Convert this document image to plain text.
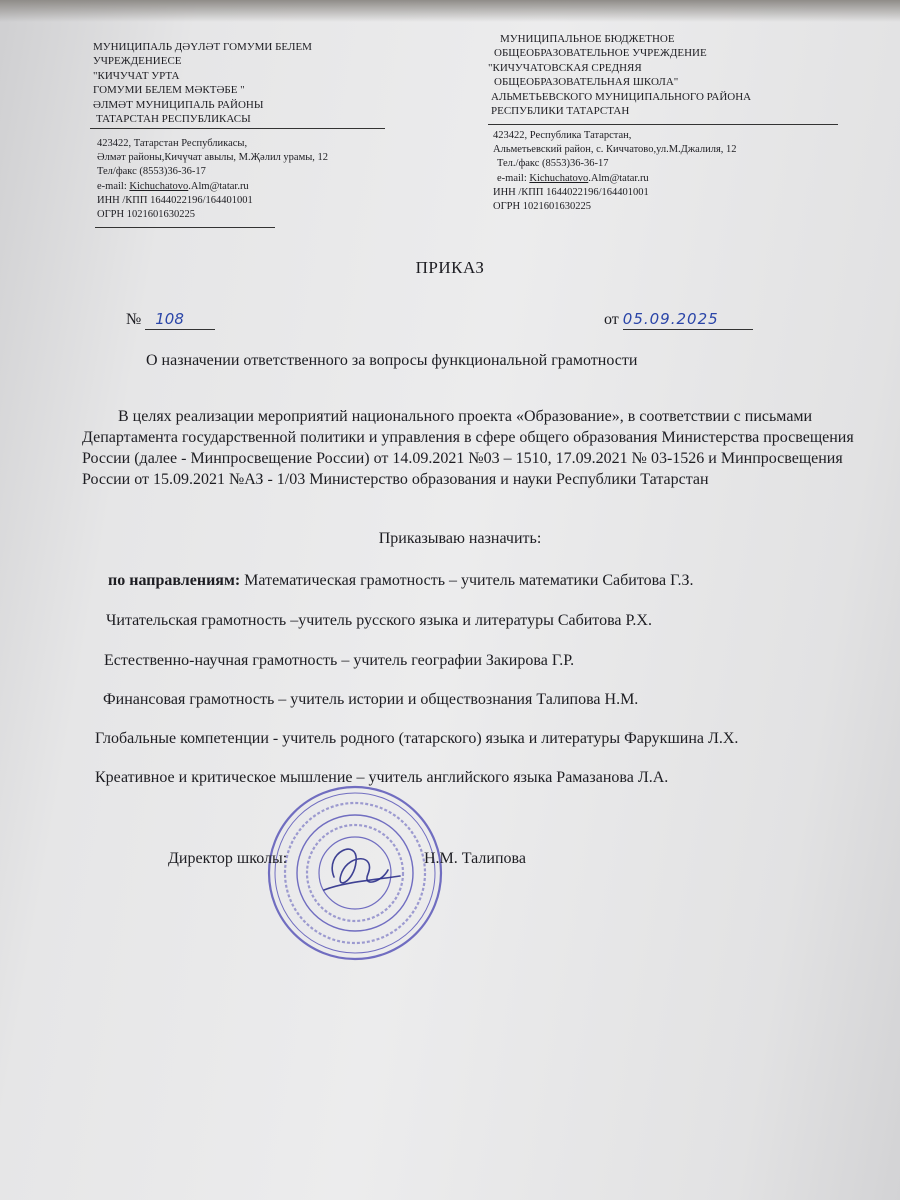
МУНИЦИПАЛЬ ДӘҮЛӘТ ГОМУМИ БЕЛЕМ
УЧРЕЖДЕНИЕСЕ
"КИЧУЧАТ УРТА
ГОМУМИ БЕЛЕМ МӘКТӘБЕ "
ӘЛМӘТ МУНИЦИПАЛЬ РАЙОНЫ
ТАТАРСТАН РЕСПУБЛИКАСЫ
МУНИЦИПАЛЬНОЕ БЮДЖЕТНОЕ
ОБЩЕОБРАЗОВАТЕЛЬНОЕ УЧРЕЖДЕНИЕ
"КИЧУЧАТОВСКАЯ СРЕДНЯЯ
ОБЩЕОБРАЗОВАТЕЛЬНАЯ ШКОЛА"
АЛЬМЕТЬЕВСКОГО МУНИЦИПАЛЬНОГО РАЙОНА
РЕСПУБЛИКИ ТАТАРСТАН
423422, Татарстан Республикасы,
Әлмәт районы,Кичүчат авылы, М.Җәлил урамы, 12
Тел/факс (8553)36-36-17
e-mail: Kichuchatovo.Alm@tatar.ru
ИНН /КПП 1644022196/164401001
ОГРН 1021601630225
423422, Республика Татарстан,
Альметьевский район, с. Киччатово,ул.М.Джалиля, 12
Тел./факс (8553)36-36-17
e-mail: Kichuchatovo.Alm@tatar.ru
ИНН /КПП 1644022196/164401001
ОГРН 1021601630225
ПРИКАЗ
№ 108	от 05.09.2025
О назначении ответственного за вопросы функциональной грамотности

В целях реализации мероприятий национального проекта «Образование», в соответствии с письмами Департамента государственной политики и управления в сфере общего образования Министерства просвещения России (далее - Минпросвещение России) от 14.09.2021 №03 – 1510, 17.09.2021 № 03-1526 и Минпросвещения России от 15.09.2021 №АЗ - 1/03 Министерство образования и науки Республики Татарстан

Приказываю назначить:
по направлениям: Математическая грамотность – учитель математики Сабитова Г.З.
Читательская грамотность –учитель русского языка и литературы Сабитова Р.Х.
Естественно-научная грамотность – учитель географии Закирова Г.Р.
Финансовая грамотность – учитель истории и обществознания Талипова Н.М.
Глобальные компетенции - учитель родного (татарского) языка и литературы Фарукшина Л.Х.
Креативное и критическое мышление – учитель английского языка Рамазанова Л.А.
Директор школы:	Н.М. Талипова
